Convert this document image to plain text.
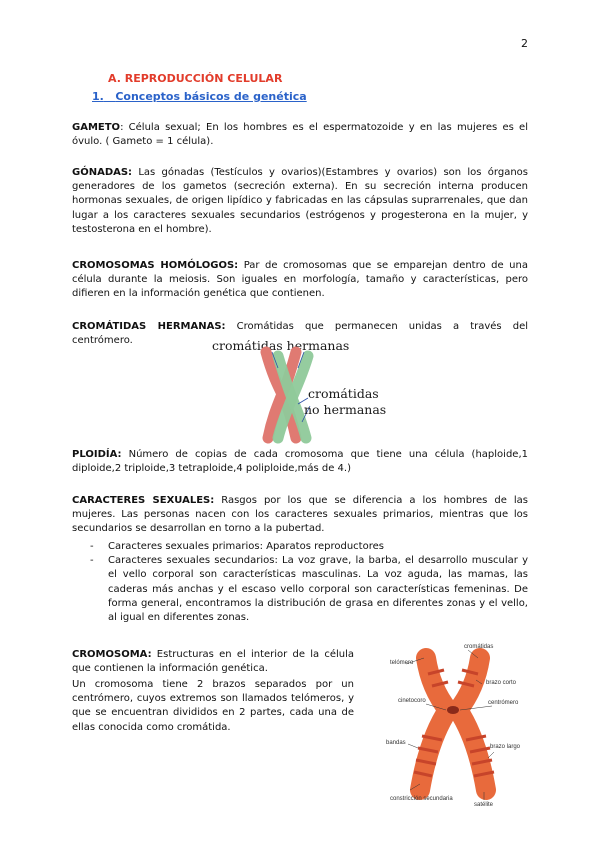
2
A. REPRODUCCIÓN CELULAR
1. Conceptos básicos de genética
GAMETO: Célula sexual; En los hombres es el espermatozoide y en las mujeres es el óvulo. ( Gameto = 1 célula).
GÓNADAS: Las gónadas (Testículos y ovarios)(Estambres y ovarios) son los órganos generadores de los gametos (secreción externa). En su secreción interna producen hormonas sexuales, de origen lipídico y fabricadas en las cápsulas suprarrenales, que dan lugar a los caracteres sexuales secundarios (estrógenos y progesterona en la mujer, y testosterona en el hombre).
CROMOSOMAS HOMÓLOGOS: Par de cromosomas que se emparejan dentro de una célula durante la meiosis. Son iguales en morfología, tamaño y características, pero difieren en la información genética que contienen.
CROMÁTIDAS HERMANAS: Cromátidas que permanecen unidas a través del centrómero.	cromátidas hermanas
cromátidas
no hermanas
PLOIDÍA: Número de copias de cada cromosoma que tiene una célula (haploide,1 diploide,2 triploide,3 tetraploide,4 poliploide,más de 4.)
CARACTERES SEXUALES: Rasgos por los que se diferencia a los hombres de las mujeres. Las personas nacen con los caracteres sexuales primarios, mientras que los secundarios se desarrollan en torno a la pubertad.
- Caracteres sexuales primarios: Aparatos reproductores
- Caracteres sexuales secundarios: La voz grave, la barba, el desarrollo muscular y el vello corporal son características masculinas. La voz aguda, las mamas, las caderas más anchas y el escaso vello corporal son características femeninas. De forma general, encontramos la distribución de grasa en diferentes zonas y el vello, al igual en diferentes zonas.
CROMOSOMA: Estructuras en el interior de la célula que contienen la información genética.
Un cromosoma tiene 2 brazos separados por un centrómero, cuyos extremos son llamados telómeros, y que se encuentran divididos en 2 partes, cada una de ellas conocida como cromátida.
telómero
cromátidas
brazo corto
cinetocoro	centrómero
bandas
brazo largo
constricción secundaria
satélite
